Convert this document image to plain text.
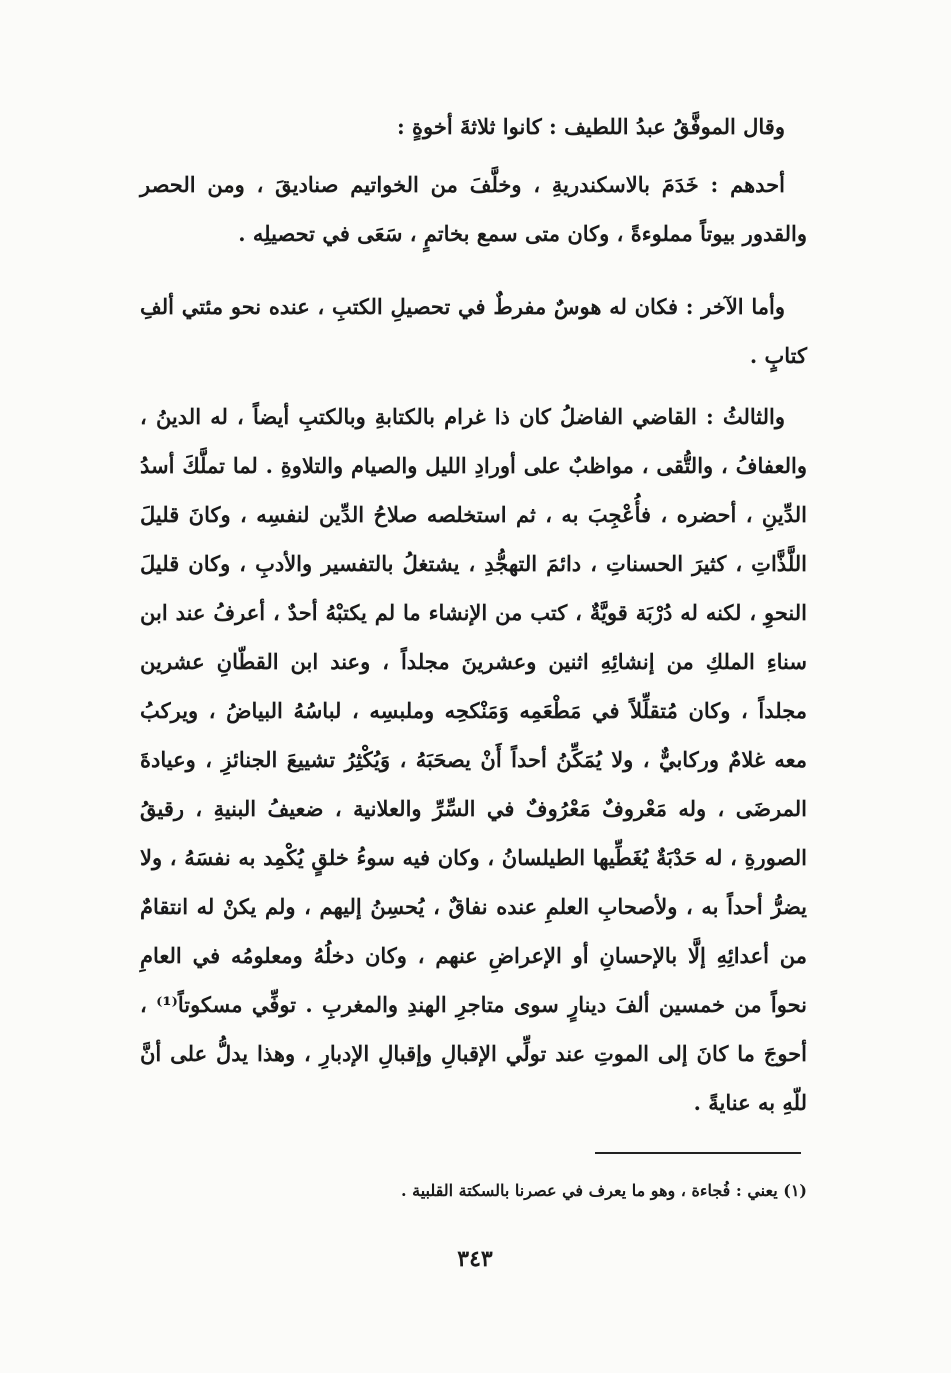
وقال الموفَّقُ عبدُ اللطيف : كانوا ثلاثةَ أخوةٍ :

أحدهم : خَدَمَ بالاسكندريةِ ، وخلَّفَ من الخواتيم صناديقَ ، ومن الحصر والقدور بيوتاً مملوءةً ، وكان متى سمع بخاتمٍ ، سَعَى في تحصيلِه .

وأما الآخر : فكان له هوسٌ مفرطٌ في تحصيلِ الكتبِ ، عنده نحو مئتي ألفِ كتابٍ .

والثالثُ : القاضي الفاضلُ كان ذا غرام بالكتابةِ وبالكتبِ أيضاً ، له الدينُ ، والعفافُ ، والتُّقى ، مواظبٌ على أورادِ الليل والصيام والتلاوةِ . لما تملَّكَ أسدُ الدِّينِ ، أحضره ، فأُعْجِبَ به ، ثم استخلصه صلاحُ الدِّين لنفسِه ، وكانَ قليلَ اللَّذَّاتِ ، كثيرَ الحسناتِ ، دائمَ التهجُّدِ ، يشتغلُ بالتفسير والأدبِ ، وكان قليلَ النحوِ ، لكنه له دُرْبَة قويَّةٌ ، كتب من الإنشاء ما لم يكتبْهُ أحدٌ ، أعرفُ عند ابن سناءِ الملكِ من إنشائِهِ اثنين وعشرينَ مجلداً ، وعند ابن القطّانِ عشرين مجلداً ، وكان مُتقلِّلاً في مَطْعَمِه وَمَنْكحِه وملبسِه ، لباسُهُ البياضُ ، ويركبُ معه غلامٌ وركابيٌّ ، ولا يُمَكِّنُ أحداً أَنْ يصحَبَهُ ، وَيُكْثِرُ تشييعَ الجنائزِ ، وعيادةَ المرضَى ، وله مَعْروفٌ مَعْرُوفٌ في السِّرِّ والعلانية ، ضعيفُ البنيةِ ، رقيقُ الصورةِ ، له حَدْبَةٌ يُغَطِّيها الطيلسانُ ، وكان فيه سوءُ خلقٍ يُكْمِد به نفسَهُ ، ولا يضرُّ أحداً به ، ولأصحابِ العلمِ عنده نفاقٌ ، يُحسِنُ إليهم ، ولم يكنْ له انتقامٌ من أعدائِهِ إلَّا بالإحسانِ أو الإعراضِ عنهم ، وكان دخلُهُ ومعلومُه في العامِ نحواً من خمسين ألفَ دينارٍ سوى متاجرِ الهندِ والمغربِ . توفِّي مسكوتاً⁽¹⁾ ، أحوجَ ما كانَ إلى الموتِ عند تولِّي الإقبالِ وإقبالِ الإدبارِ ، وهذا يدلُّ على أنَّ للّهِ به عنايةً .

(١) يعني : فُجاءة ، وهو ما يعرف في عصرنا بالسكتة القلبية .
٣٤٣
